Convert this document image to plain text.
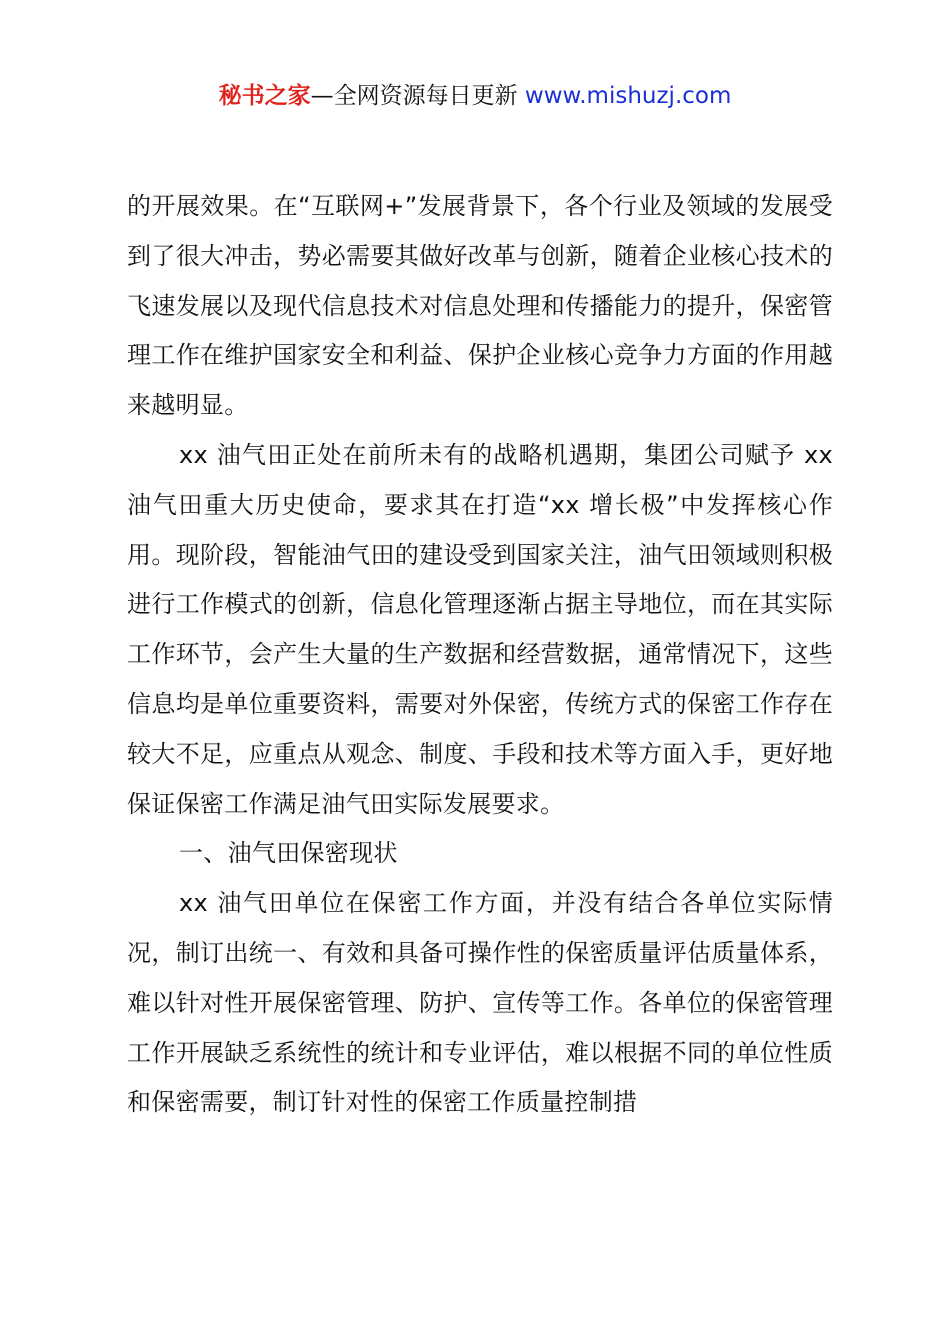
秘书之家—全网资源每日更新 www.mishuzj.com

的开展效果。在“互联网+”发展背景下，各个行业及领域的发展受到了很大冲击，势必需要其做好改革与创新，随着企业核心技术的飞速发展以及现代信息技术对信息处理和传播能力的提升，保密管理工作在维护国家安全和利益、保护企业核心竞争力方面的作用越来越明显。

xx 油气田正处在前所未有的战略机遇期，集团公司赋予 xx 油气田重大历史使命，要求其在打造“xx 增长极”中发挥核心作用。现阶段，智能油气田的建设受到国家关注，油气田领域则积极进行工作模式的创新，信息化管理逐渐占据主导地位，而在其实际工作环节，会产生大量的生产数据和经营数据，通常情况下，这些信息均是单位重要资料，需要对外保密，传统方式的保密工作存在较大不足，应重点从观念、制度、手段和技术等方面入手，更好地保证保密工作满足油气田实际发展要求。

一、油气田保密现状

xx 油气田单位在保密工作方面，并没有结合各单位实际情况，制订出统一、有效和具备可操作性的保密质量评估质量体系，难以针对性开展保密管理、防护、宣传等工作。各单位的保密管理工作开展缺乏系统性的统计和专业评估，难以根据不同的单位性质和保密需要，制订针对性的保密工作质量控制措
